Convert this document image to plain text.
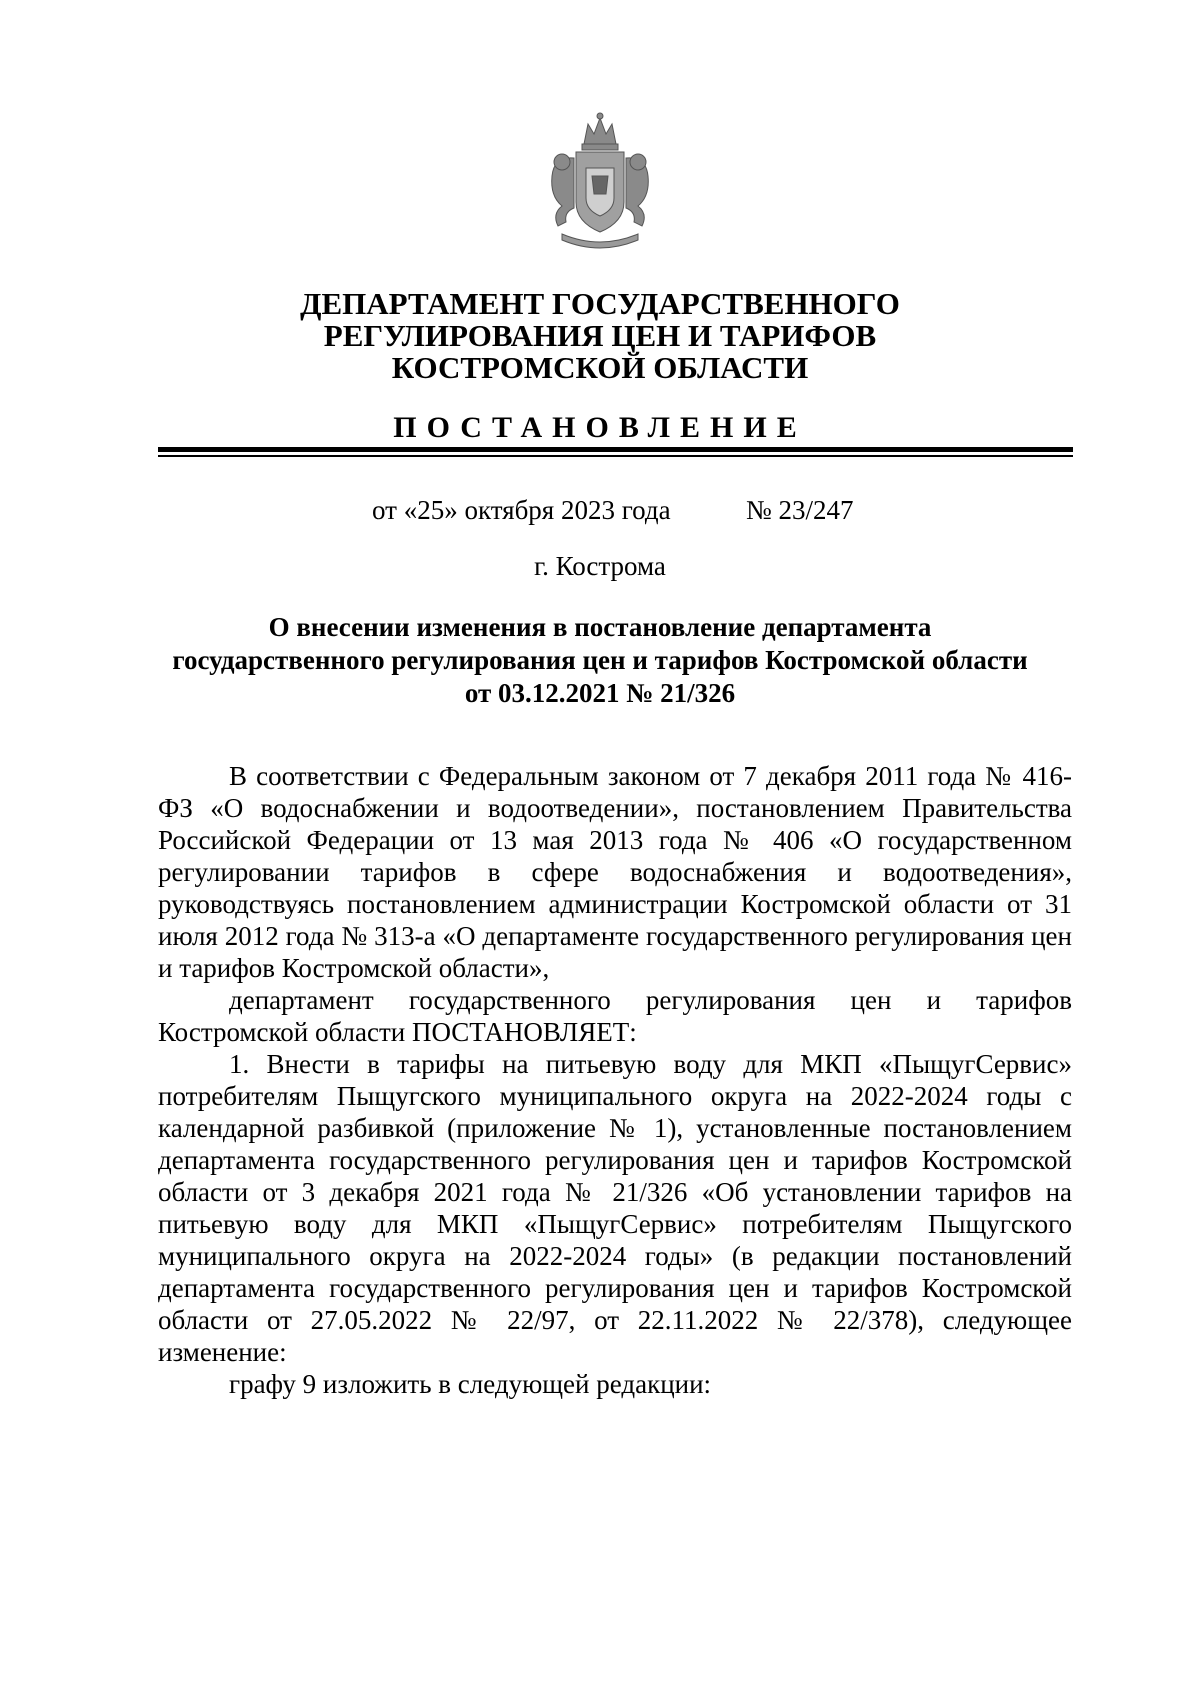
ДЕПАРТАМЕНТ ГОСУДАРСТВЕННОГО
РЕГУЛИРОВАНИЯ ЦЕН И ТАРИФОВ
КОСТРОМСКОЙ ОБЛАСТИ
ПОСТАНОВЛЕНИЕ
от «25» октября 2023 года	№ 23/247
г. Кострома
О внесении изменения в постановление департамента
государственного регулирования цен и тарифов Костромской области
от 03.12.2021 № 21/326

В соответствии с Федеральным законом от 7 декабря 2011 года № 416-ФЗ «О водоснабжении и водоотведении», постановлением Правительства Российской Федерации от 13 мая 2013 года № 406 «О государственном регулировании тарифов в сфере водоснабжения и водоотведения», руководствуясь постановлением администрации Костромской области от 31 июля 2012 года № 313-а «О департаменте государственного регулирования цен и тарифов Костромской области»,

департамент государственного регулирования цен и тарифов Костромской области ПОСТАНОВЛЯЕТ:

1. Внести в тарифы на питьевую воду для МКП «ПыщугСервис» потребителям Пыщугского муниципального округа на 2022-2024 годы с календарной разбивкой (приложение № 1), установленные постановлением департамента государственного регулирования цен и тарифов Костромской области от 3 декабря 2021 года № 21/326 «Об установлении тарифов на питьевую воду для МКП «ПыщугСервис» потребителям Пыщугского муниципального округа на 2022-2024 годы» (в редакции постановлений департамента государственного регулирования цен и тарифов Костромской области от 27.05.2022 № 22/97, от 22.11.2022 № 22/378), следующее изменение:

графу 9 изложить в следующей редакции:
